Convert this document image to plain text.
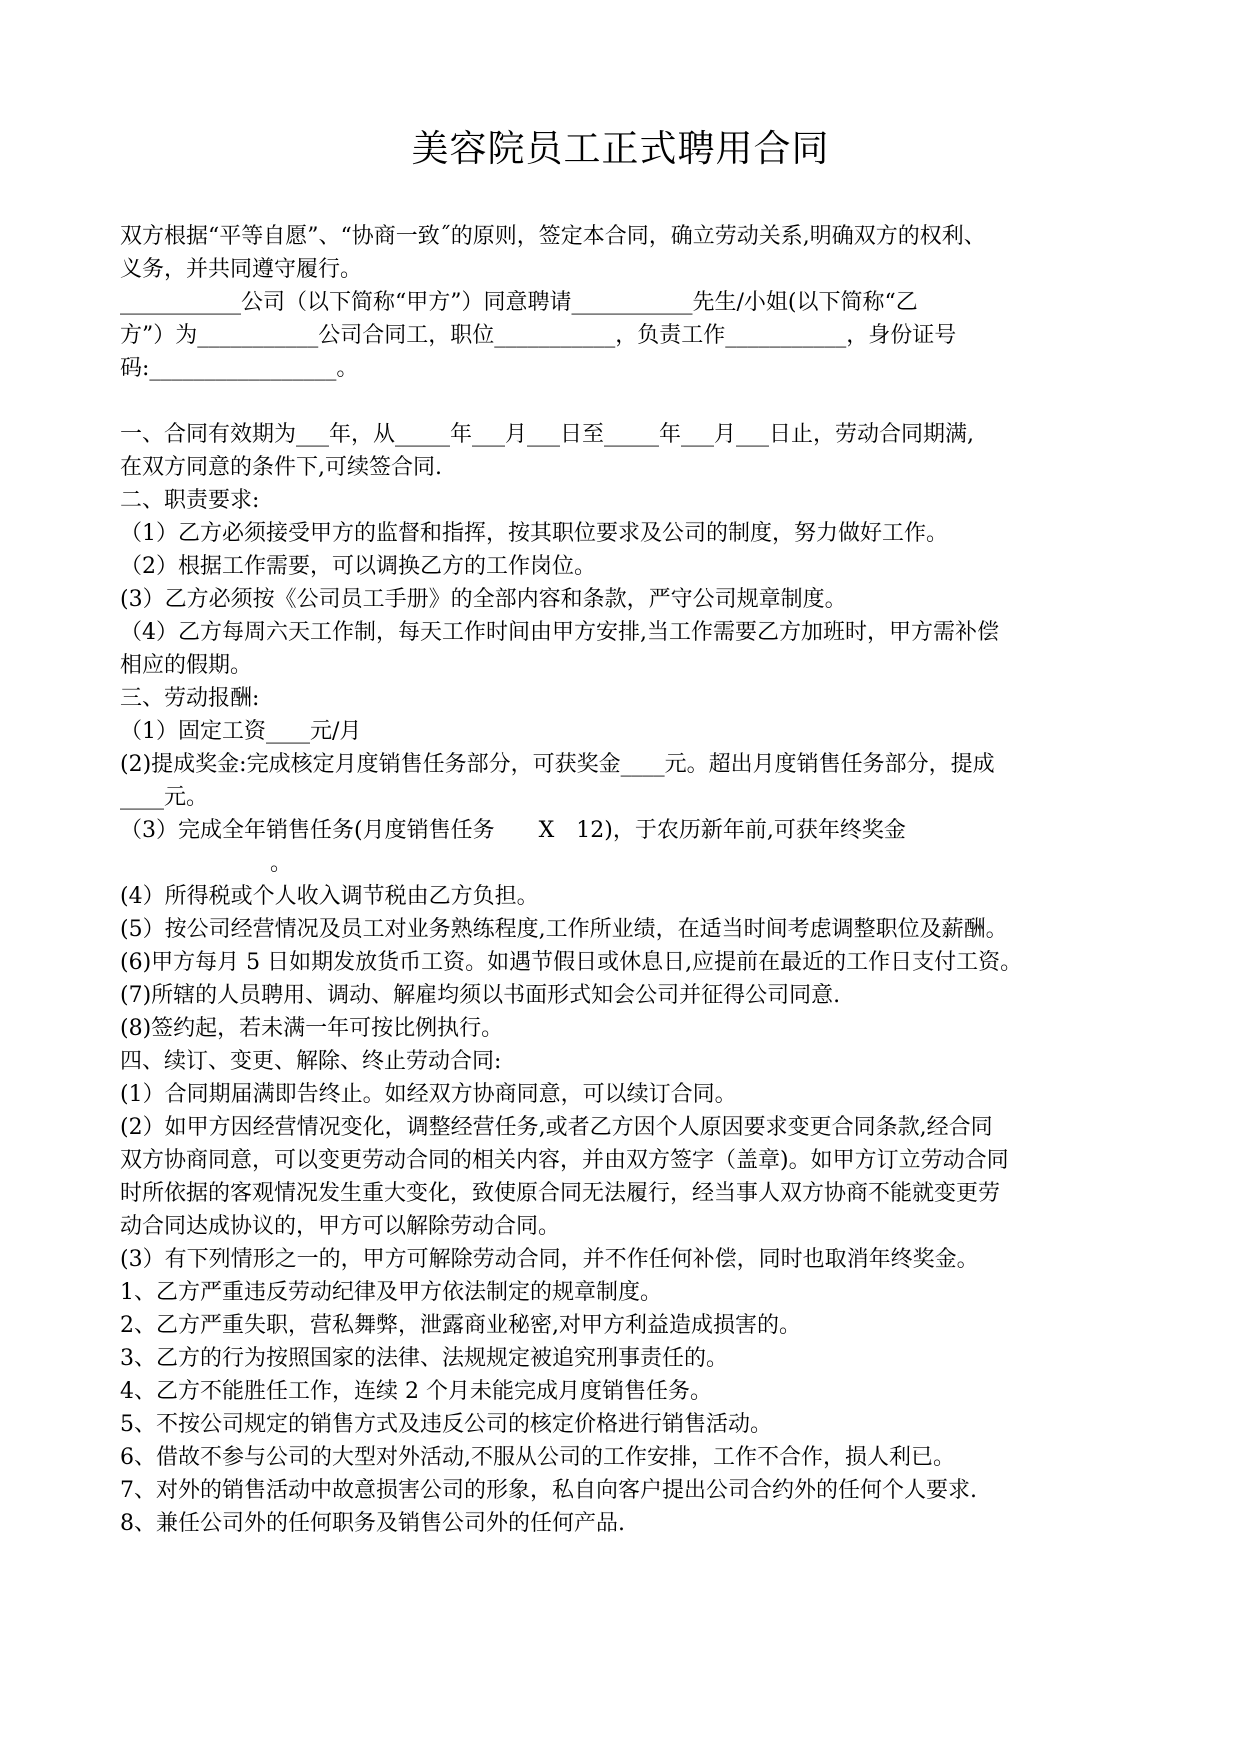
美容院员工正式聘用合同

双方根据“平等自愿”、“协商一致˝的原则，签定本合同，确立劳动关系,明确双方的权利、

义务，并共同遵守履行。

___________公司（以下简称“甲方”）同意聘请___________先生/小姐(以下简称“乙

方”）为___________公司合同工，职位___________，负责工作___________，身份证号

码:_________________。

一、合同有效期为___年，从_____年___月___日至_____年___月___日止，劳动合同期满,

在双方同意的条件下,可续签合同.

二、职责要求:

（1）乙方必须接受甲方的监督和指挥，按其职位要求及公司的制度，努力做好工作。

（2）根据工作需要，可以调换乙方的工作岗位。

(3）乙方必须按《公司员工手册》的全部内容和条款，严守公司规章制度。

（4）乙方每周六天工作制，每天工作时间由甲方安排,当工作需要乙方加班时，甲方需补偿

相应的假期。

三、劳动报酬:

（1）固定工资____元/月

(2)提成奖金:完成核定月度销售任务部分，可获奖金____元。超出月度销售任务部分，提成

____元。

（3）完成全年销售任务(月度销售任务　　X　12)，于农历新年前,可获年终奖金

。

(4）所得税或个人收入调节税由乙方负担。

(5）按公司经营情况及员工对业务熟练程度,工作所业绩，在适当时间考虑调整职位及薪酬。

(6)甲方每月 5 日如期发放货币工资。如遇节假日或休息日,应提前在最近的工作日支付工资。

(7)所辖的人员聘用、调动、解雇均须以书面形式知会公司并征得公司同意.

(8)签约起，若未满一年可按比例执行。

四、续订、变更、解除、终止劳动合同:

(1）合同期届满即告终止。如经双方协商同意，可以续订合同。

(2）如甲方因经营情况变化，调整经营任务,或者乙方因个人原因要求变更合同条款,经合同

双方协商同意，可以变更劳动合同的相关内容，并由双方签字（盖章)。如甲方订立劳动合同

时所依据的客观情况发生重大变化，致使原合同无法履行，经当事人双方协商不能就变更劳

动合同达成协议的，甲方可以解除劳动合同。

(3）有下列情形之一的，甲方可解除劳动合同，并不作任何补偿，同时也取消年终奖金。

1、乙方严重违反劳动纪律及甲方依法制定的规章制度。

2、乙方严重失职，营私舞弊，泄露商业秘密,对甲方利益造成损害的。

3、乙方的行为按照国家的法律、法规规定被追究刑事责任的。

4、乙方不能胜任工作，连续 2 个月未能完成月度销售任务。

5、不按公司规定的销售方式及违反公司的核定价格进行销售活动。

6、借故不参与公司的大型对外活动,不服从公司的工作安排，工作不合作，损人利已。

7、对外的销售活动中故意损害公司的形象，私自向客户提出公司合约外的任何个人要求.

8、兼任公司外的任何职务及销售公司外的任何产品.
